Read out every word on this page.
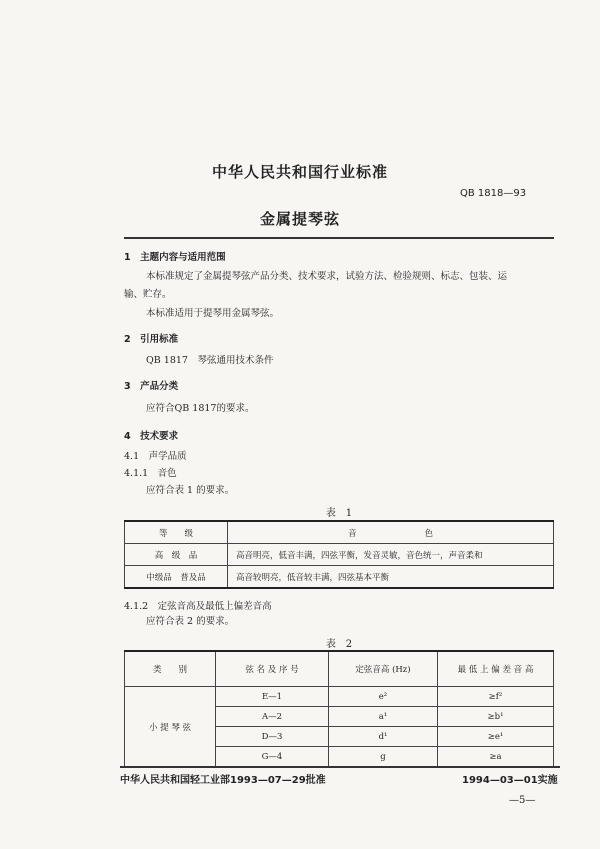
中华人民共和国行业标准
QB 1818—93
金属提琴弦
1　主题内容与适用范围
本标准规定了金属提琴弦产品分类、技术要求，试验方法、检验规则、标志、包装、运
输、贮存。
本标准适用于提琴用金属琴弦。
2　引用标准
QB 1817　琴弦通用技术条件
3　产品分类
应符合QB 1817的要求。
4　技术要求
4.1　声学品质
4.1.1　音色
应符合表 1 的要求。
表　1
等　　级	音　　　　　　　　色
高　级　品	高音明亮，低音丰满，四弦平衡，发音灵敏，音色统一，声音柔和
中级品　普及品	高音较明亮，低音较丰满，四弦基本平衡
4.1.2　定弦音高及最低上偏差音高
应符合表 2 的要求。
表　2
类　　别	弦 名 及 序 号	定弦音高 (Hz)	最 低 上 偏 差 音 高
小 提 琴 弦	E—1	e²	≥f²
	A—2	a¹	≥b¹
	D—3	d¹	≥e¹
	G—4	g	≥a
中华人民共和国轻工业部1993—07—29批准	1994—03—01实施
—5—
